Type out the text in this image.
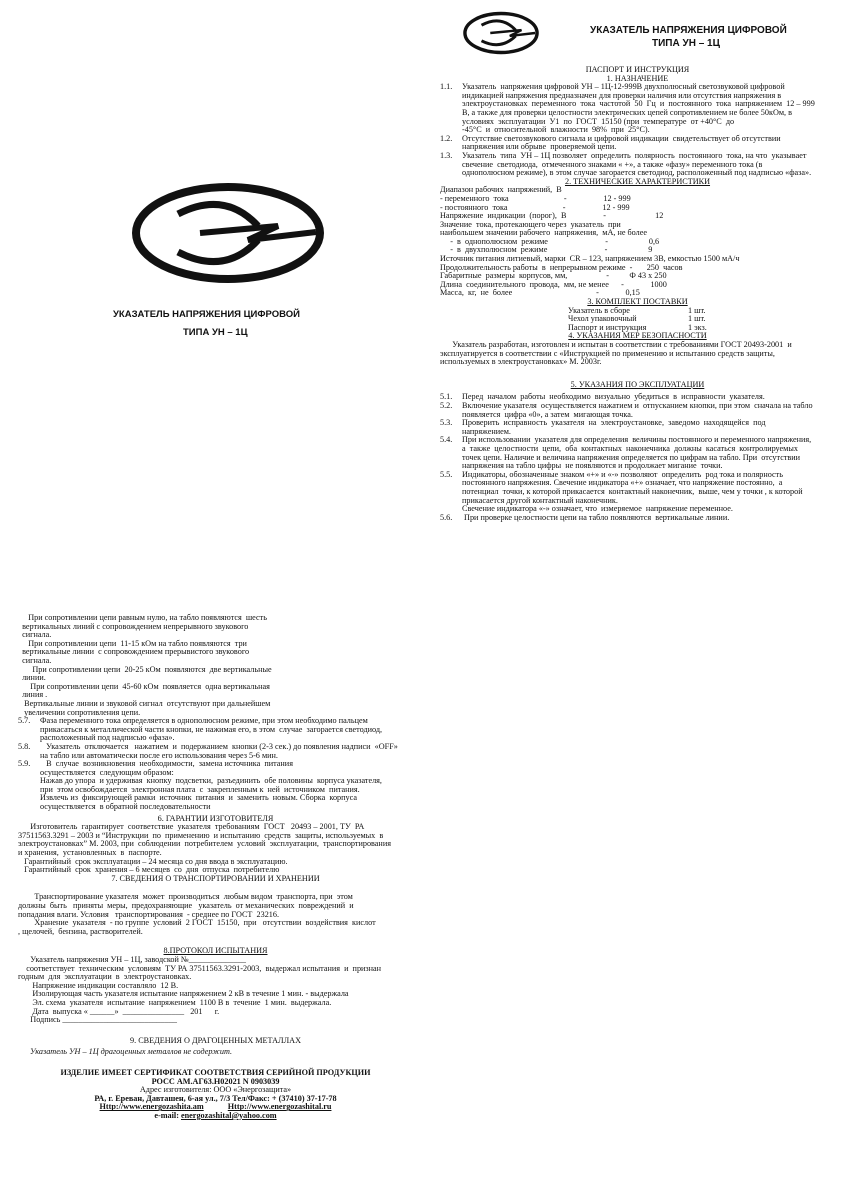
УКАЗАТЕЛЬ НАПРЯЖЕНИЯ ЦИФРОВОЙ
ТИПА УН – 1Ц
УКАЗАТЕЛЬ НАПРЯЖЕНИЯ ЦИФРОВОЙ
ТИПА УН – 1Ц
ПАСПОРТ И ИНСТРУКЦИЯ
1. НАЗНАЧЕНИЕ
1.1.	Указатель  напряжения цифровой УН – 1Ц-12-999В двухполюсный светозвуковой цифровой
индикацией напряжения предназначен для проверки наличия или отсутствия напряжения в
электроустановках  переменного  тока  частотой  50  Гц  и  постоянного  тока  напряжением  12 – 999
В, а также для проверки целостности электрических цепей сопротивлением не более 50кОм, в
условиях  эксплуатации  У1  по  ГОСТ  15150 (при  температуре  от +40°С  до
-45°С  и  относительной  влажности  98%  при  25°С).
1.2.	Отсутствие светозвукового сигнала и цифровой индикации  свидетельствует об отсутствии
напряжения или обрыве  проверяемой цепи.
1.3.	Указатель  типа  УН – 1Ц позволяет  определить  полярность  постоянного  тока, на что  указывает
свечение  светодиода,  отмеченного знаками « +», а также «фазу» переменного тока (в
однополюсном режиме), в этом случае загорается светодиод, расположенный под надписью «фаза».
2. ТЕХНИЧЕСКИЕ ХАРАКТЕРИСТИКИ
Диапазон рабочих  напряжений,  В
- переменного  тока                           -                  12 - 999
- постоянного  тока                           -                  12 - 999
Напряжение  индикации  (порог),  В                  -                        12
Значение  тока, протекающего через  указатель  при
наибольшем значении рабочего  напряжения,  мА, не более
-  в  однополюсном  режиме                            -                    0,6
-  в  двухполюсном  режиме                            -                    9
Источник питания литиевый, марки  CR – 123, напряжением 3В, емкостью 1500 мА/ч
Продолжительность работы  в  непрерывном режиме  -       250  часов
Габаритные  размеры  корпусов, мм,                   -          Ф 43 х 250
Длина  соединительного  провода,  мм, не менее      -             1000
Масса,  кг,  не  более                                         -             0,15
3. КОМПЛЕКТ ПОСТАВКИ
Указатель в сборе	1 шт.
Чехол упаковочный	1 шт.
Паспорт и инструкция	1 экз.
4. УКАЗАНИЯ МЕР БЕЗОПАСНОСТИ
Указатель разработан, изготовлен и испытан в соответствии с требованиями ГОСТ 20493-2001  и
эксплуатируется в соответствии с «Инструкцией по применению и испытанию средств защиты,
используемых в электроустановках» М. 2003г.
5. УКАЗАНИЯ ПО ЭКСПЛУАТАЦИИ
5.1.	Перед  началом  работы  необходимо  визуально  убедиться  в  исправности  указателя.
5.2.	Включение указателя  осуществляется нажатием и  отпусканием кнопки, при этом  сначала на табло
появляется  цифра «0», а затем  мигающая точка.
5.3.	Проверить  исправность  указателя  на  электроустановке,  заведомо  находящейся  под
напряжением.
5.4.	При использовании  указателя для определения  величины постоянного и переменного напряжения,
а  также  целостности  цепи,  оба  контактных  наконечника  должны  касаться  контролируемых
точек цепи. Наличие и величина напряжения определяется по цифрам на табло. При  отсутствии
напряжения на табло цифры  не появляются и продолжает мигание  точки.
5.5.	Индикаторы, обозначенные знаком «+» и «-» позволяют  определить  род тока и полярность
постоянного напряжения. Свечение индикатора «+» означает, что напряжение постоянно,  а
потенциал  точки, к которой прикасается  контактный наконечник,  выше, чем у точки , к которой
прикасается другой контактный наконечник.
Свечение индикатора «-» означает, что  измеряемое  напряжение переменное.
5.6.	При проверке целостности цепи на табло появляются  вертикальные линии.
При сопротивлении цепи равным нулю, на табло появляются  шесть
вертикальных линий с сопровождением непрерывного звукового
сигнала.
При сопротивлении цепи  11-15 кОм на табло появляются  три
вертикальные линии  с сопровождением прерывистого звукового
сигнала.
При сопротивлении цепи  20-25 кОм  появляются  две вертикальные
линии.
При сопротивлении цепи  45-60 кОм  появляется  одна вертикальная
линия .
Вертикальные линии и звуковой сигнал  отсутствуют при дальнейшем
увеличении сопротивления цепи.
5.7.	Фаза переменного тока определяется в однополюсном режиме, при этом необходимо пальцем
прикасаться к металлической части кнопки, не нажимая его, в этом  случае  загорается светодиод,
расположенный под надписью «фаза».
5.8.	Указатель  отключается   нажатием  и  подержанием  кнопки (2-3 сек.) до появления надписи  «OFF»
на табло или автоматически после его использования через 5-6 мин.
5.9.	В  случае  возникновения  необходимости,  замена источника  питания
осуществляется  следующим образом:
Нажав до упора  и удерживая  кнопку  подсветки,  разъединить  обе половины  корпуса указателя,
при  этом освобождается  электронная плата  с  закрепленным к  ней  источником  питания.
Извлечь из  фиксирующей рамки  источник  питания  и  заменить  новым. Сборка  корпуса
осуществляется  в обратной последовательности
6. ГАРАНТИИ ИЗГОТОВИТЕЛЯ
Изготовитель  гарантирует  соответствие  указателя  требованиям  ГОСТ   20493 – 2001, ТУ  РА
37511563.3291 – 2003 и “Инструкции  по  применению  и испытанию  средств  защиты, используемых  в
электроустановках” М. 2003, при  соблюдении  потребителем  условий  эксплуатации,  транспортирования
и хранения,  установленных  в  паспорте.
Гарантийный  срок эксплуатации – 24 месяца со дня ввода в эксплуатацию.
Гарантийный  срок  хранения – 6 месяцев  со  дня  отпуска  потребителю
7. СВЕДЕНИЯ О ТРАНСПОРТИРОВАНИИ И ХРАНЕНИИ
Транспортирование указателя  может  производиться  любым видом  транспорта, при  этом
должны  быть   приняты  меры,  предохраняющие   указатель  от механических  повреждений  и
попадания влаги. Условия   транспортирования  - среднее по ГОСТ  23216.
Хранение  указателя  - по группе  условий  2 ГОСТ  15150,  при   отсутствии  воздействия  кислот
, щелочей,  бензина, растворителей.
8.ПРОТОКОЛ ИСПЫТАНИЯ
Указатель напряжения УН – 1Ц, заводской №______________
соответствует  техническим  условиям  ТУ РА 37511563.3291-2003,  выдержал испытания  и  признан
годным  для  эксплуатации  в  электроустановках.
Напряжение индикации составляло  12 В.
Изолирующая часть указателя испытание напряжением 2 кВ в течение 1 мин. - выдержала
Эл. схема  указателя  испытание  напряжением  1100 В в  течение  1 мин.  выдержала.
Дата  выпуска « ______»  _______________   201      г.
Подпись ____________________________
9. СВЕДЕНИЯ О ДРАГОЦЕННЫХ МЕТАЛЛАХ
Указатель УН – 1Ц драгоценных металлов не содержит.
ИЗДЕЛИЕ ИМЕЕТ СЕРТИФИКАТ СООТВЕТСТВИЯ СЕРИЙНОЙ ПРОДУКЦИИ
РОСС AM.AГ63.H02021 N 0903039
Адрес изготовителя: ООО «Энергозащита»
РА, г. Ереван, Давташен, 6-ая ул., 7/3 Тел/Факс: + (37410) 37-17-78
Http://www.energozashita.am	Http://www.energozashital.ru
e-mail: energozashital@yahoo.com
